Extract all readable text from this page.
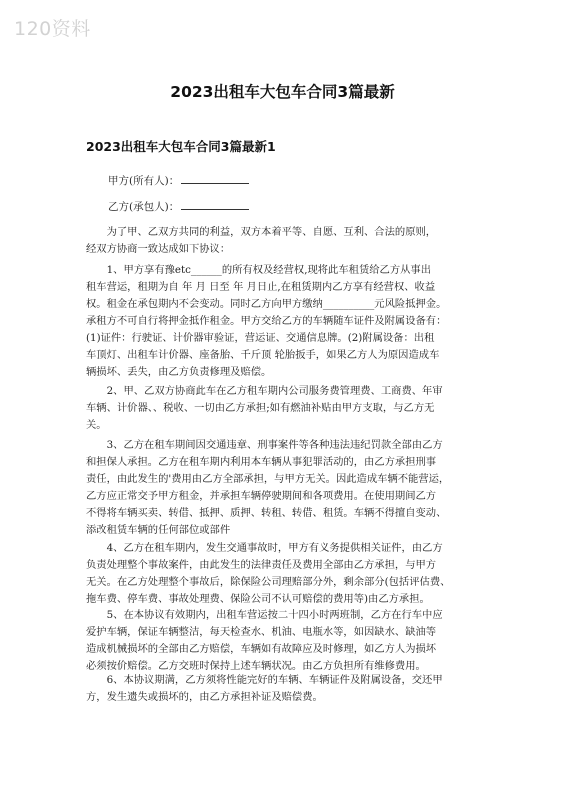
120资料
2023出租车大包车合同3篇最新
2023出租车大包车合同3篇最新1
甲方(所有人)：
乙方(承包人)：
　　为了甲、乙双方共同的利益，双方本着平等、自愿、互利、合法的原则，
经双方协商一致达成如下协议：
　　1、甲方享有豫etc______的所有权及经营权,现将此车租赁给乙方从事出
租车营运，租期为自 年 月 日至 年 月日止,在租赁期内乙方享有经营权、收益
权。租金在承包期内不会变动。同时乙方向甲方缴纳__________元风险抵押金。
承租方不可自行将押金抵作租金。甲方交给乙方的车辆随车证件及附属设备有：
(1)证件：行驶证、计价器审验证，营运证、交通信息牌。(2)附属设备：出租
车顶灯、出租车计价器、座备胎、千斤顶 轮胎扳手，如果乙方人为原因造成车
辆损坏、丢失，由乙方负责修理及赔偿。
　　2、甲、乙双方协商此车在乙方租车期内公司服务费管理费、工商费、年审
车辆、计价器、、税收、一切由乙方承担;如有燃油补贴由甲方支取，与乙方无
关。
　　3、乙方在租车期间因交通违章、刑事案件等各种违法违纪罚款全部由乙方
和担保人承担。乙方在租车期内利用本车辆从事犯罪活动的，由乙方承担刑事
责任，由此发生的'费用由乙方全部承担，与甲方无关。因此造成车辆不能营运，
乙方应正常交予甲方租金，并承担车辆停驶期间和各项费用。在使用期间乙方
不得将车辆买卖、转借、抵押、质押、转租、转借、租赁。车辆不得擅自变动、
添改租赁车辆的任何部位或部件
　　4、乙方在租车期内，发生交通事故时，甲方有义务提供相关证件，由乙方
负责处理整个事故案件，由此发生的法律责任及费用全部由乙方承担，与甲方
无关。在乙方处理整个事故后，除保险公司理赔部分外，剩余部分(包括评估费、
拖车费、停车费、事故处理费、保险公司不认可赔偿的费用等)由乙方承担。
　　5、在本协议有效期内，出租车营运按二十四小时两班制，乙方在行车中应
爱护车辆，保证车辆整洁，每天检查水、机油、电瓶水等，如因缺水、缺油等
造成机械损坏的全部由乙方赔偿，车辆如有故障应及时修理，如乙方人为损坏
必须按价赔偿。乙方交班时保持上述车辆状况。由乙方负担所有维修费用。
　　6、本协议期满，乙方须将性能完好的车辆、车辆证件及附属设备，交还甲
方，发生遗失或损坏的，由乙方承担补证及赔偿费。
